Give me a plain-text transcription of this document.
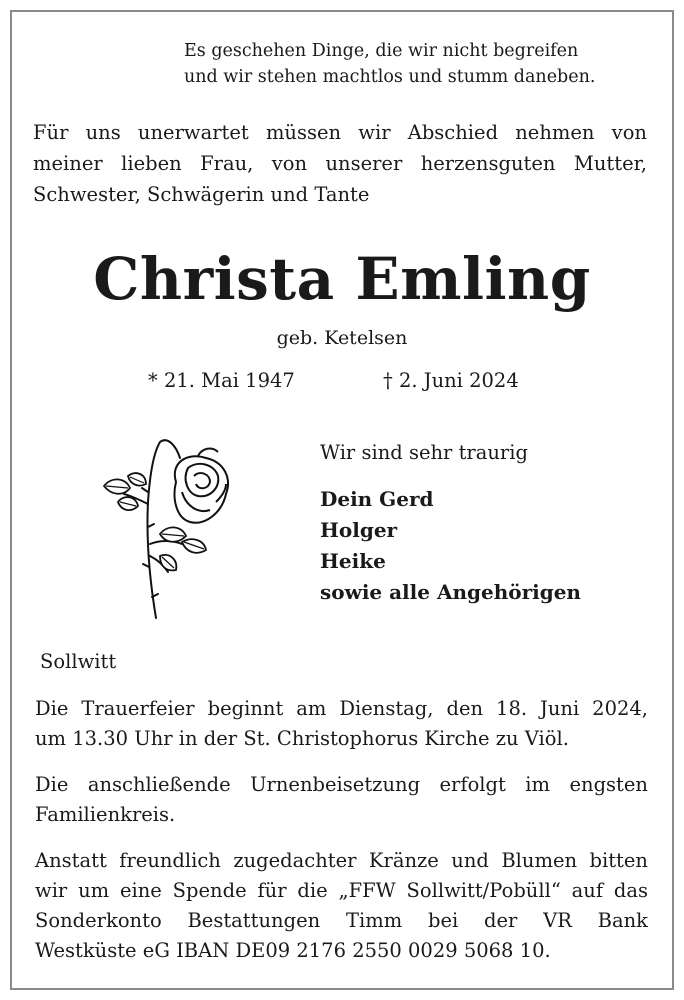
Es geschehen Dinge, die wir nicht begreifen
und wir stehen machtlos und stumm daneben.
Für uns unerwartet müssen wir Abschied nehmen von
meiner lieben Frau, von unserer herzensguten Mutter,
Schwester, Schwägerin und Tante
Christa Emling
geb. Ketelsen
* 21. Mai 1947	† 2. Juni 2024
Wir sind sehr traurig
Dein Gerd
Holger
Heike
sowie alle Angehörigen
Sollwitt
Die Trauerfeier beginnt am Dienstag, den 18. Juni 2024,
um 13.30 Uhr in der St. Christophorus Kirche zu Viöl.
Die anschließende Urnenbeisetzung erfolgt im engsten
Familienkreis.
Anstatt freundlich zugedachter Kränze und Blumen bitten
wir um eine Spende für die „FFW Sollwitt/Pobüll“ auf das
Sonderkonto Bestattungen Timm bei der VR Bank
Westküste eG IBAN DE09 2176 2550 0029 5068 10.
